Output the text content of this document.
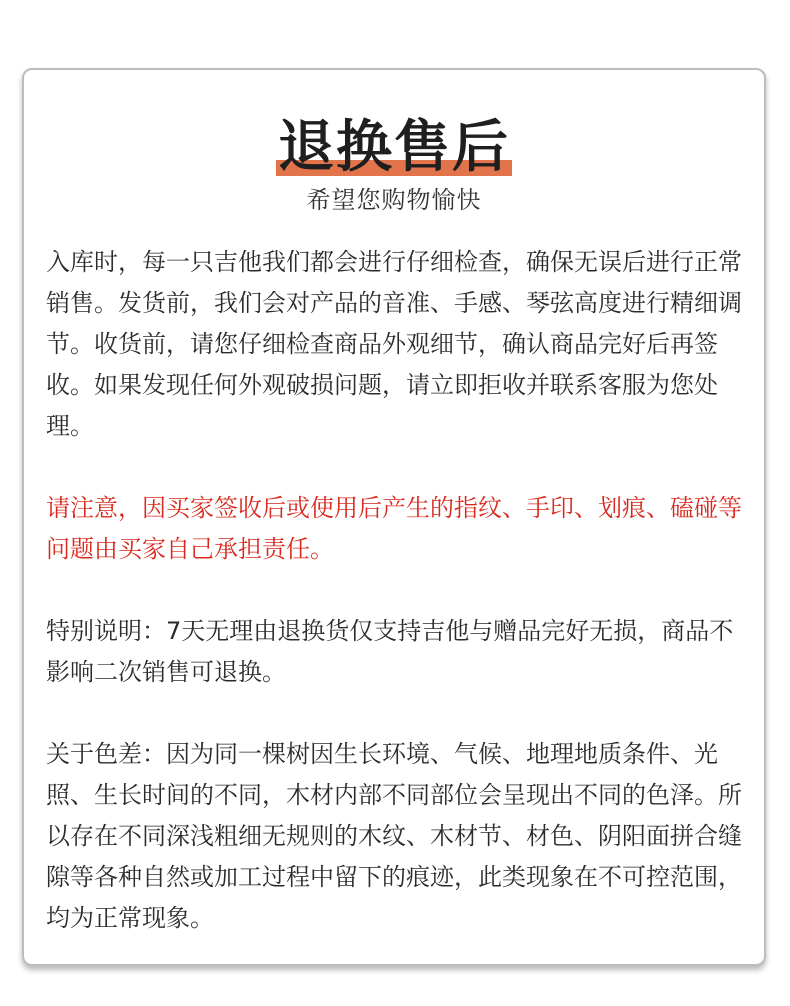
退换售后
希望您购物愉快

入库时，每一只吉他我们都会进行仔细检查，确保无误后进行正常销售。发货前，我们会对产品的音准、手感、琴弦高度进行精细调节。收货前，请您仔细检查商品外观细节，确认商品完好后再签收。如果发现任何外观破损问题，请立即拒收并联系客服为您处理。

请注意，因买家签收后或使用后产生的指纹、手印、划痕、磕碰等问题由买家自己承担责任。

特别说明：7天无理由退换货仅支持吉他与赠品完好无损，商品不影响二次销售可退换。

关于色差：因为同一棵树因生长环境、气候、地理地质条件、光照、生长时间的不同，木材内部不同部位会呈现出不同的色泽。所以存在不同深浅粗细无规则的木纹、木材节、材色、阴阳面拼合缝隙等各种自然或加工过程中留下的痕迹，此类现象在不可控范围，均为正常现象。
